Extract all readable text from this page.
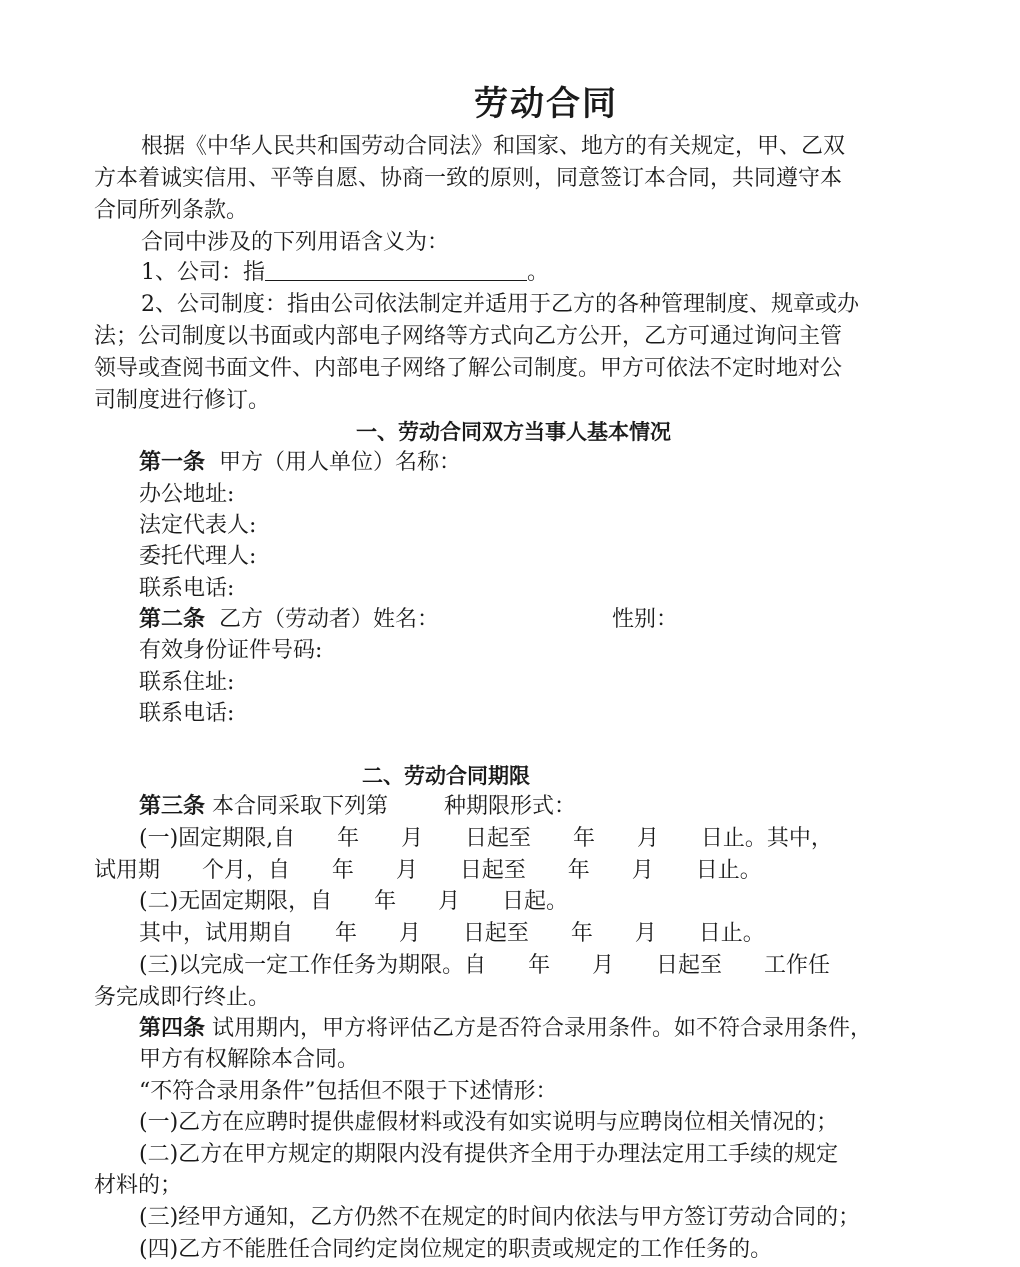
劳动合同
根据《中华人民共和国劳动合同法》和国家、地方的有关规定，甲、乙双
方本着诚实信用、平等自愿、协商一致的原则，同意签订本合同，共同遵守本
合同所列条款。
合同中涉及的下列用语含义为：
1、公司：指	。
2、公司制度：指由公司依法制定并适用于乙方的各种管理制度、规章或办
法；公司制度以书面或内部电子网络等方式向乙方公开，乙方可通过询问主管
领导或查阅书面文件、内部电子网络了解公司制度。甲方可依法不定时地对公
司制度进行修订。
一、劳动合同双方当事人基本情况
第一条 甲方（用人单位）名称：
办公地址:
法定代表人:
委托代理人:
联系电话:
第二条 乙方（劳动者）姓名：	性别：
有效身份证件号码:
联系住址:
联系电话:
二、劳动合同期限
第三条 本合同采取下列第        种期限形式：
(一)固定期限,自      年      月      日起至      年      月      日止。其中，
试用期      个月，自      年      月      日起至      年      月      日止。
(二)无固定期限，自      年      月      日起。
其中，试用期自      年      月      日起至      年      月      日止。
(三)以完成一定工作任务为期限。自      年      月      日起至      工作任
务完成即行终止。
第四条 试用期内，甲方将评估乙方是否符合录用条件。如不符合录用条件，
甲方有权解除本合同。
“不符合录用条件”包括但不限于下述情形：
(一)乙方在应聘时提供虚假材料或没有如实说明与应聘岗位相关情况的；
(二)乙方在甲方规定的期限内没有提供齐全用于办理法定用工手续的规定
材料的；
(三)经甲方通知，乙方仍然不在规定的时间内依法与甲方签订劳动合同的；
(四)乙方不能胜任合同约定岗位规定的职责或规定的工作任务的。
